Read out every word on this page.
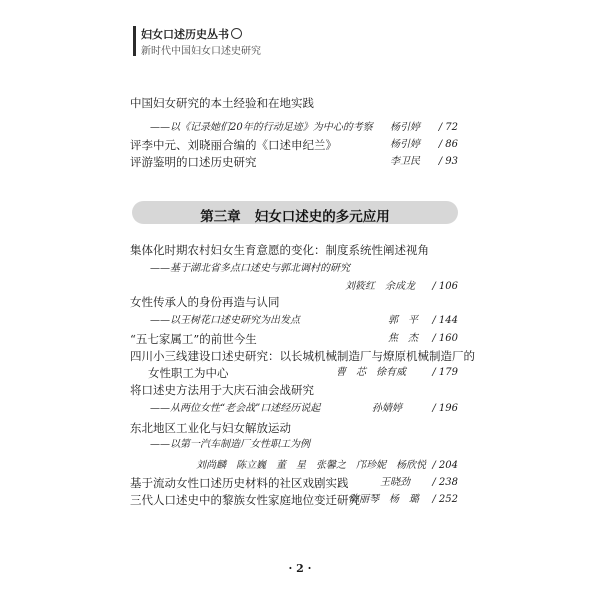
妇女口述历史丛书
新时代中国妇女口述史研究
中国妇女研究的本土经验和在地实践
——以《记录她们20年的行动足迹》为中心的考察 杨引婷	/ 72
评李中元、刘晓丽合编的《口述申纪兰》	杨引婷	/ 86
评游鉴明的口述历史研究	李卫民	/ 93
第三章 妇女口述史的多元应用
集体化时期农村妇女生育意愿的变化：制度系统性阐述视角
——基于湖北省多点口述史与郭北调村的研究
刘筱红　余成龙	/ 106
女性传承人的身份再造与认同
——以王树花口述史研究为出发点	郭　平	/ 144
“五七家属工”的前世今生	焦　杰	/ 160
四川小三线建设口述史研究：以长城机械制造厂与燎原机械制造厂的
女性职工为中心	曹　芯　徐有威	/ 179
将口述史方法用于大庆石油会战研究
——从两位女性“老会战”口述经历说起	孙婧婷	/ 196
东北地区工业化与妇女解放运动
——以第一汽车制造厂女性职工为例
刘尚麟　陈立巍　董　星　张馨之　邝珍妮　杨欣悦 / 204
基于流动女性口述历史材料的社区戏剧实践	王晓劲	/ 238
三代人口述史中的黎族女性家庭地位变迁研究
陈丽琴　杨　璐	/ 252
· 2 ·
